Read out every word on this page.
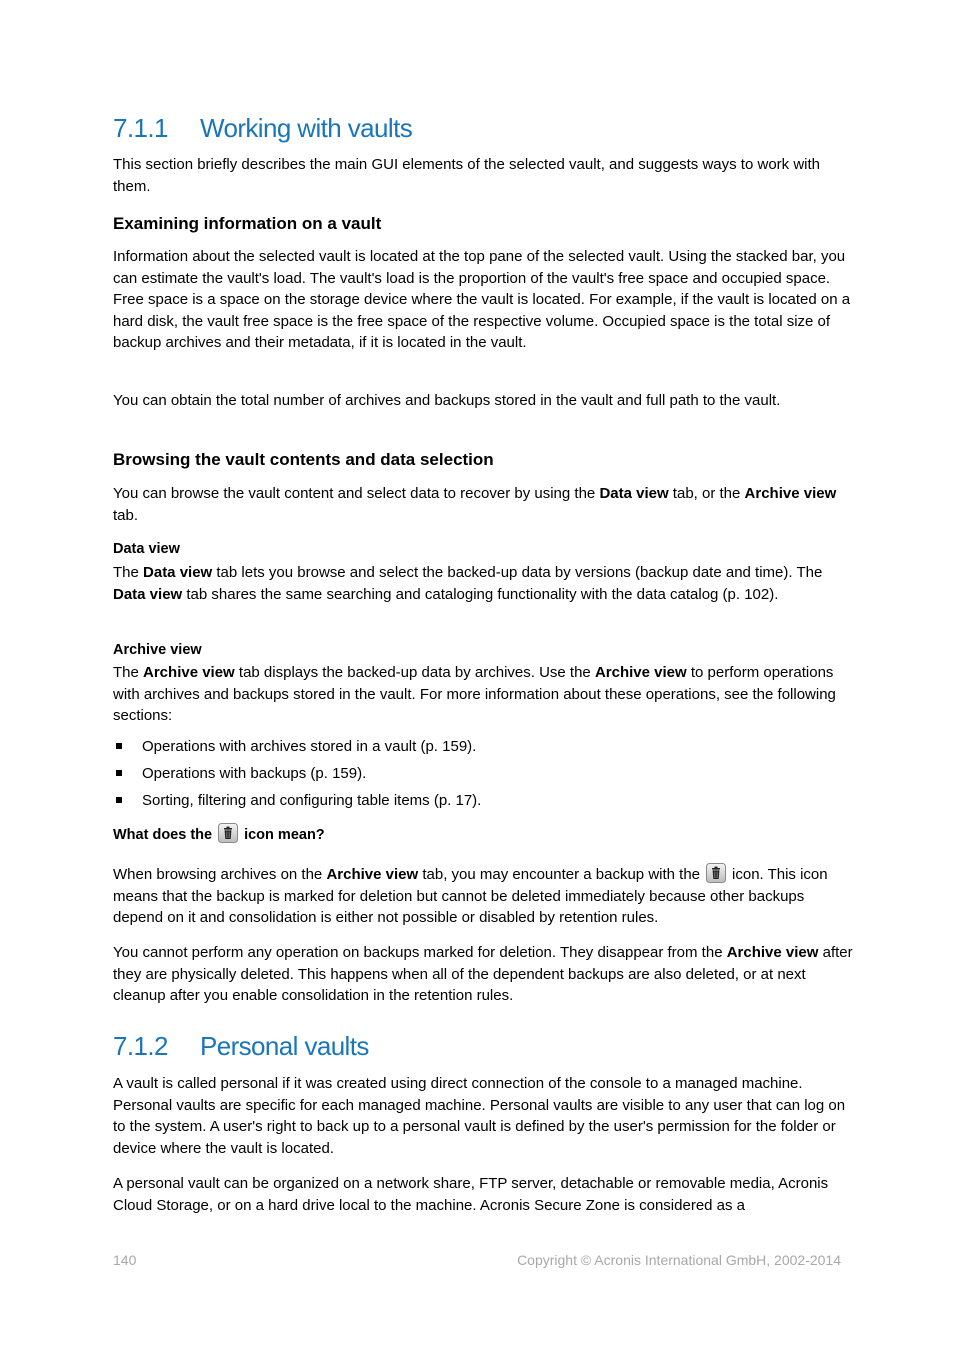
7.1.1 Working with vaults

This section briefly describes the main GUI elements of the selected vault, and suggests ways to work with them.

Examining information on a vault

Information about the selected vault is located at the top pane of the selected vault. Using the stacked bar, you can estimate the vault's load. The vault's load is the proportion of the vault's free space and occupied space. Free space is a space on the storage device where the vault is located. For example, if the vault is located on a hard disk, the vault free space is the free space of the respective volume. Occupied space is the total size of backup archives and their metadata, if it is located in the vault.

You can obtain the total number of archives and backups stored in the vault and full path to the vault.

Browsing the vault contents and data selection

You can browse the vault content and select data to recover by using the Data view tab, or the Archive view tab.

Data view

The Data view tab lets you browse and select the backed-up data by versions (backup date and time). The Data view tab shares the same searching and cataloging functionality with the data catalog (p. 102).

Archive view

The Archive view tab displays the backed-up data by archives. Use the Archive view to perform operations with archives and backups stored in the vault. For more information about these operations, see the following sections:

Operations with archives stored in a vault (p. 159).
Operations with backups (p. 159).
Sorting, filtering and configuring table items (p. 17).
What does the icon mean?

When browsing archives on the Archive view tab, you may encounter a backup with the icon. This icon means that the backup is marked for deletion but cannot be deleted immediately because other backups depend on it and consolidation is either not possible or disabled by retention rules.

You cannot perform any operation on backups marked for deletion. They disappear from the Archive view after they are physically deleted. This happens when all of the dependent backups are also deleted, or at next cleanup after you enable consolidation in the retention rules.

7.1.2 Personal vaults

A vault is called personal if it was created using direct connection of the console to a managed machine. Personal vaults are specific for each managed machine. Personal vaults are visible to any user that can log on to the system. A user's right to back up to a personal vault is defined by the user's permission for the folder or device where the vault is located.

A personal vault can be organized on a network share, FTP server, detachable or removable media, Acronis Cloud Storage, or on a hard drive local to the machine. Acronis Secure Zone is considered as a

140	Copyright © Acronis International GmbH, 2002-2014
